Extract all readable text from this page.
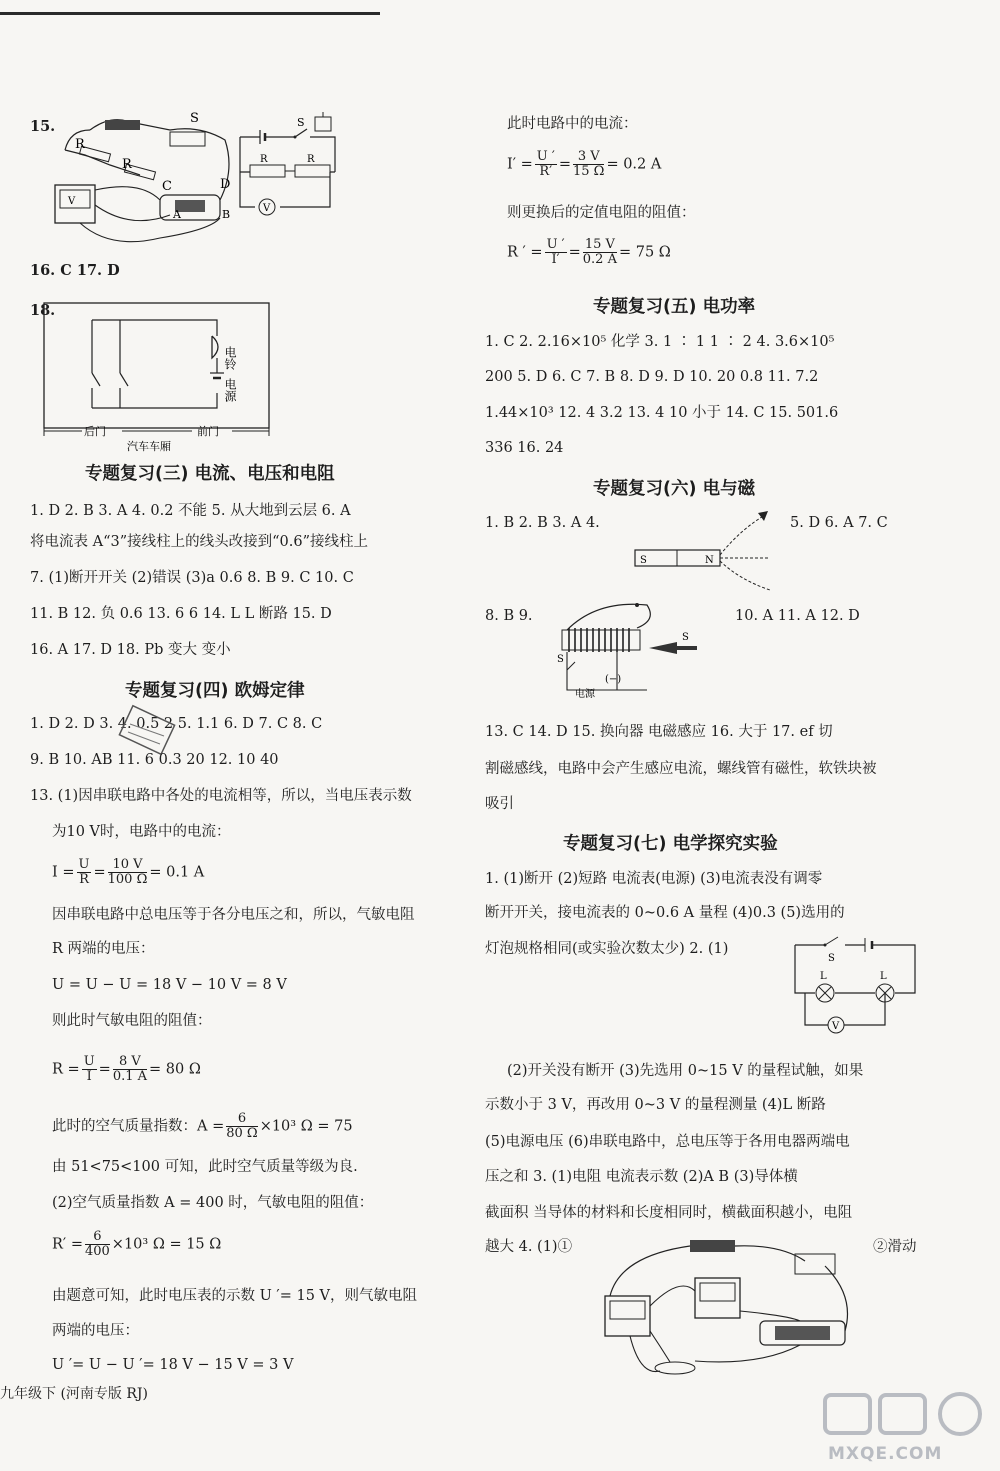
15.	S
R
R
V
C	D
A	B
S
R	R
V
16. C 17. D
18.
电铃
电源
后门	前门
汽车车厢
专题复习(三) 电流、电压和电阻
1. D 2. B 3. A 4. 0.2 不能 5. 从大地到云层 6. A
将电流表 A“3”接线柱上的线头改接到“0.6”接线柱上
7. (1)断开开关 (2)错误 (3)a 0.6 8. B 9. C 10. C
11. B 12. 负 0.6 13. 6 6 14. L L 断路 15. D
16. A 17. D 18. Pb 变大 变小
专题复习(四) 欧姆定律
1. D 2. D 3. 4. 0.5 2 5. 1.1 6. D 7. C 8. C
9. B 10. AB 11. 6 0.3 20 12. 10 40
13. (1)因串联电路中各处的电流相等，所以，当电压表示数
为10 V时，电路中的电流：
$I = \frac{U}{R} = \frac{10 V}{100 \Omega} = 0.1$ A
因串联电路中总电压等于各分电压之和，所以，气敏电阻
R 两端的电压：
U = U − U = 18 V − 10 V = 8 V
则此时气敏电阻的阻值：
$R = \frac{U}{I} = \frac{8 V}{0.1 A} = 80$ Ω
此时的空气质量指数：$A = \frac{6}{80 \Omega} \times 10^3$ Ω = 75
由 51<75<100 可知，此时空气质量等级为良.
(2)空气质量指数 A = 400 时，气敏电阻的阻值：
$R' = \frac{6}{400} \times 10^3$ Ω = 15 Ω
由题意可知，此时电压表的示数 U ′= 15 V，则气敏电阻
两端的电压：
U ′= U − U ′= 18 V − 15 V = 3 V
九年级下 (河南专版 RJ)
此时电路中的电流：
$I' = \frac{U '}{R'} = \frac{3 V}{15 \Omega} = 0.2$ A
则更换后的定值电阻的阻值：
R ′ = $\frac{U '}{I'} = \frac{15 V}{0.2 A} = 75$ Ω
专题复习(五) 电功率
1. C 2. 2.16×10⁵ 化学 3. 1 ∶ 1 1 ∶ 2 4. 3.6×10⁵
200 5. D 6. C 7. B 8. D 9. D 10. 20 0.8 11. 7.2
1.44×10³ 12. 4 3.2 13. 4 10 小于 14. C 15. 501.6
336 16. 24
专题复习(六) 电与磁
1. B 2. B 3. A 4.	5. D 6. A 7. C
S	N
8. B 9.	10. A 11. A 12. D
S
电源
(−)
S
13. C 14. D 15. 换向器 电磁感应 16. 大于 17. ef 切
割磁感线，电路中会产生感应电流，螺线管有磁性，软铁块被
吸引
专题复习(七) 电学探究实验
1. (1)断开 (2)短路 电流表(电源) (3)电流表没有调零
断开开关，接电流表的 0~0.6 A 量程 (4)0.3 (5)选用的
灯泡规格相同(或实验次数太少) 2. (1)
S
L	L
V
(2)开关没有断开 (3)先选用 0~15 V 的量程试触，如果
示数小于 3 V，再改用 0~3 V 的量程测量 (4)L 断路
(5)电源电压 (6)串联电路中，总电压等于各用电器两端电
压之和 3. (1)电阻 电流表示数 (2)A B (3)导体横
截面积 当导体的材料和长度相同时，横截面积越小，电阻
越大 4. (1)①	②滑动
MXQE.COM
